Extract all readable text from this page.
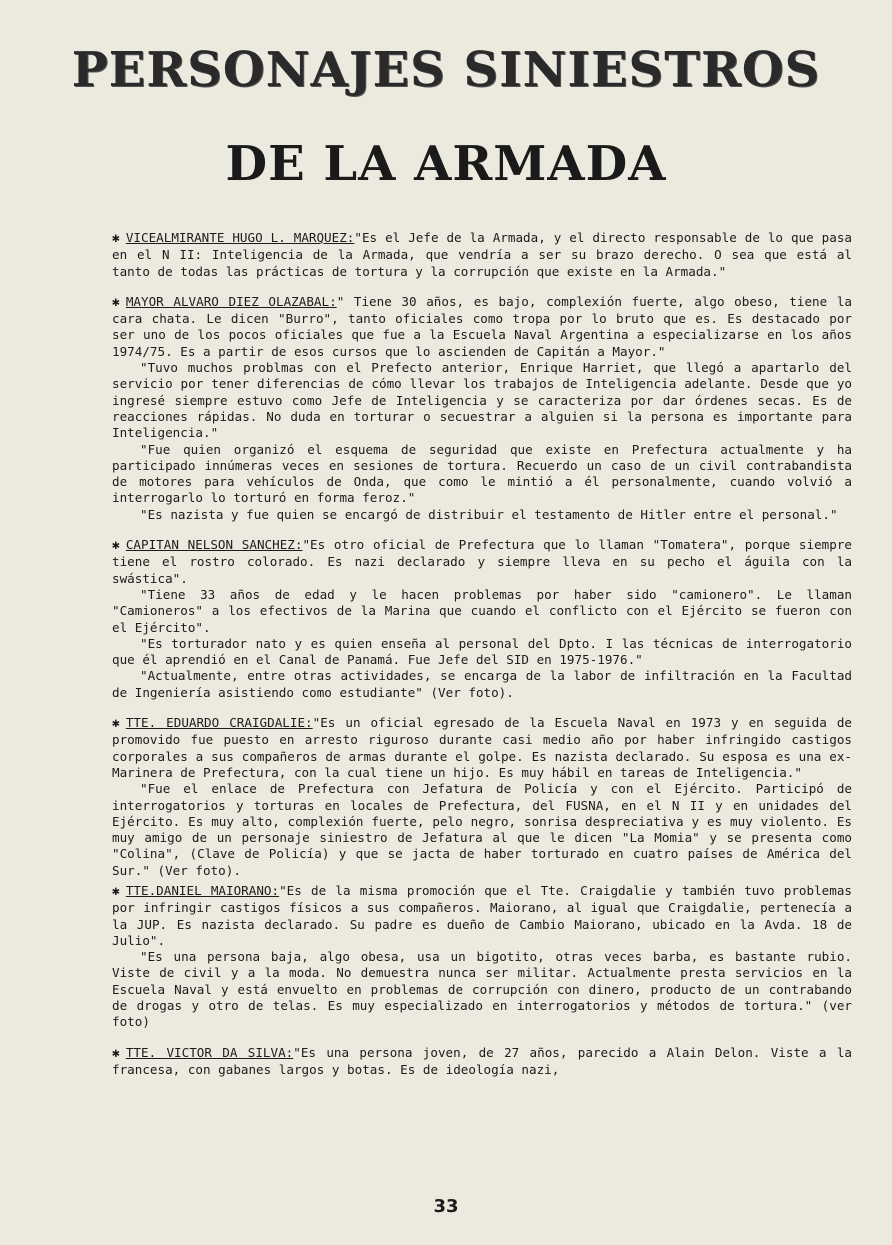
PERSONAJES SINIESTROS
DE LA ARMADA

✱ VICEALMIRANTE HUGO L. MARQUEZ:"Es el Jefe de la Armada, y el directo responsable de lo que pasa en el N II: Inteligencia de la Armada, que vendría a ser su brazo derecho. O sea que está al tanto de todas las prácticas de tortura y la corrupción que existe en la Armada."

✱ MAYOR ALVARO DIEZ OLAZABAL:" Tiene 30 años, es bajo, complexión fuerte, algo obeso, tiene la cara chata. Le dicen "Burro", tanto oficiales como tropa por lo bruto que es. Es destacado por ser uno de los pocos oficiales que fue a la Escuela Naval Argentina a especializarse en los años 1974/75. Es a partir de esos cursos que lo ascienden de Capitán a Mayor."

"Tuvo muchos problmas con el Prefecto anterior, Enrique Harriet, que llegó a apartarlo del servicio por tener diferencias de cómo llevar los trabajos de Inteligencia adelante. Desde que yo ingresé siempre estuvo como Jefe de Inteligencia y se caracteriza por dar órdenes secas. Es de reacciones rápidas. No duda en torturar o secuestrar a alguien si la persona es importante para Inteligencia."

"Fue quien organizó el esquema de seguridad que existe en Prefectura actualmente y ha participado innúmeras veces en sesiones de tortura. Recuerdo un caso de un civil contrabandista de motores para vehículos de Onda, que como le mintió a él personalmente, cuando volvió a interrogarlo lo torturó en forma feroz."

"Es nazista y fue quien se encargó de distribuir el testamento de Hitler entre el personal."

✱ CAPITAN NELSON SANCHEZ:"Es otro oficial de Prefectura que lo llaman "Tomatera", porque siempre tiene el rostro colorado. Es nazi declarado y siempre lleva en su pecho el águila con la swástica".

"Tiene 33 años de edad y le hacen problemas por haber sido "camionero". Le llaman "Camioneros" a los efectivos de la Marina que cuando el conflicto con el Ejército se fueron con el Ejército".

"Es torturador nato y es quien enseña al personal del Dpto. I las técnicas de interrogatorio que él aprendió en el Canal de Panamá. Fue Jefe del SID en 1975-1976."

"Actualmente, entre otras actividades, se encarga de la labor de infiltración en la Facultad de Ingeniería asistiendo como estudiante" (Ver foto).

✱ TTE. EDUARDO CRAIGDALIE:"Es un oficial egresado de la Escuela Naval en 1973 y en seguida de promovido fue puesto en arresto riguroso durante casi medio año por haber infringido castigos corporales a sus compañeros de armas durante el golpe. Es nazista declarado. Su esposa es una ex-Marinera de Prefectura, con la cual tiene un hijo. Es muy hábil en tareas de Inteligencia."

"Fue el enlace de Prefectura con Jefatura de Policía y con el Ejército. Participó de interrogatorios y torturas en locales de Prefectura, del FUSNA, en el N II y en unidades del Ejército. Es muy alto, complexión fuerte, pelo negro, sonrisa despreciativa y es muy violento. Es muy amigo de un personaje siniestro de Jefatura al que le dicen "La Momia" y se presenta como "Colina", (Clave de Policía) y que se jacta de haber torturado en cuatro países de América del Sur." (Ver foto).

✱ TTE.DANIEL MAIORANO:"Es de la misma promoción que el Tte. Craigdalie y también tuvo problemas por infringir castigos físicos a sus compañeros. Maiorano, al igual que Craigdalie, pertenecía a la JUP. Es nazista declarado. Su padre es dueño de Cambio Maiorano, ubicado en la Avda. 18 de Julio".

"Es una persona baja, algo obesa, usa un bigotito, otras veces barba, es bastante rubio. Viste de civil y a la moda. No demuestra nunca ser militar. Actualmente presta servicios en la Escuela Naval y está envuelto en problemas de corrupción con dinero, producto de un contrabando de drogas y otro de telas. Es muy especializado en interrogatorios y métodos de tortura." (ver foto)

✱ TTE. VICTOR DA SILVA:"Es una persona joven, de 27 años, parecido a Alain Delon. Viste a la francesa, con gabanes largos y botas. Es de ideología nazi,

33
